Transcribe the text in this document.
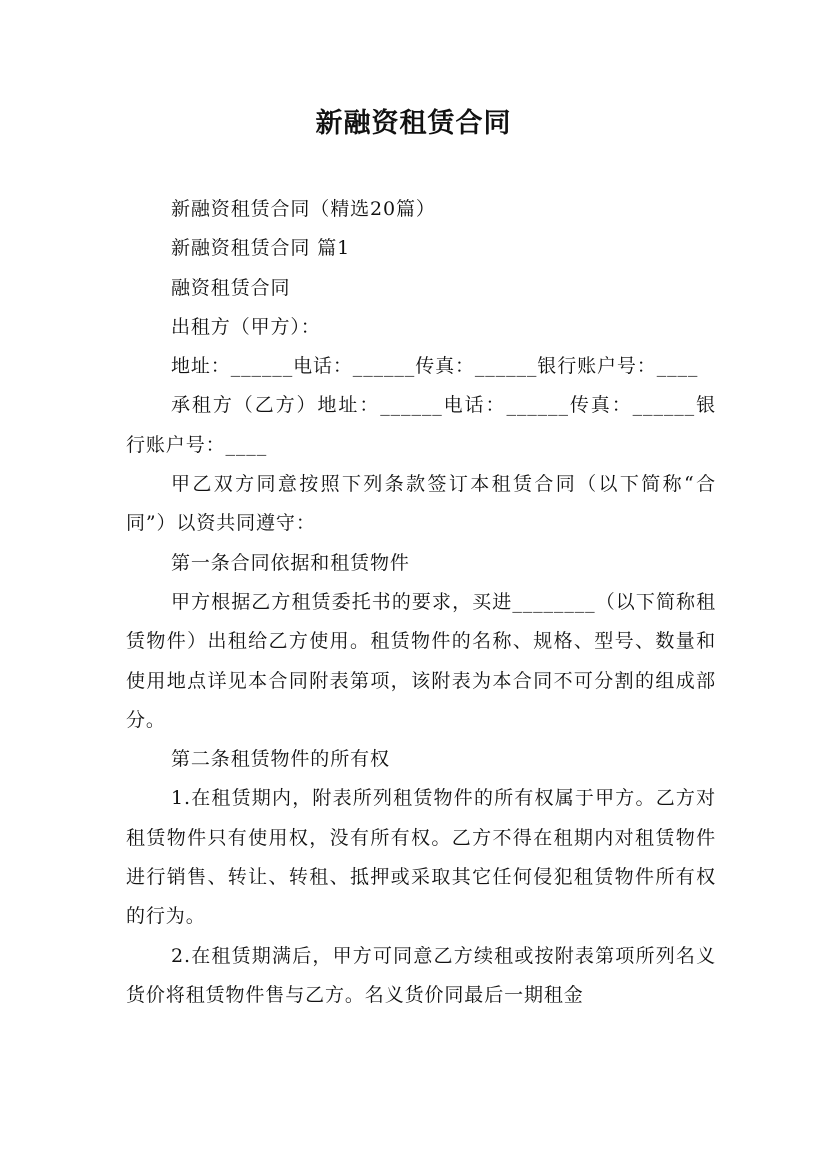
新融资租赁合同

新融资租赁合同（精选20篇）

新融资租赁合同 篇1

融资租赁合同

出租方（甲方）：

地址：______电话：______传真：______银行账户号：____

承租方（乙方）地址：______电话：______传真：______银行账户号：____

甲乙双方同意按照下列条款签订本租赁合同（以下简称“合同”）以资共同遵守：

第一条合同依据和租赁物件

甲方根据乙方租赁委托书的要求，买进________（以下简称租赁物件）出租给乙方使用。租赁物件的名称、规格、型号、数量和使用地点详见本合同附表第项，该附表为本合同不可分割的组成部分。

第二条租赁物件的所有权

1.在租赁期内，附表所列租赁物件的所有权属于甲方。乙方对租赁物件只有使用权，没有所有权。乙方不得在租期内对租赁物件进行销售、转让、转租、抵押或采取其它任何侵犯租赁物件所有权的行为。

2.在租赁期满后，甲方可同意乙方续租或按附表第项所列名义货价将租赁物件售与乙方。名义货价同最后一期租金
